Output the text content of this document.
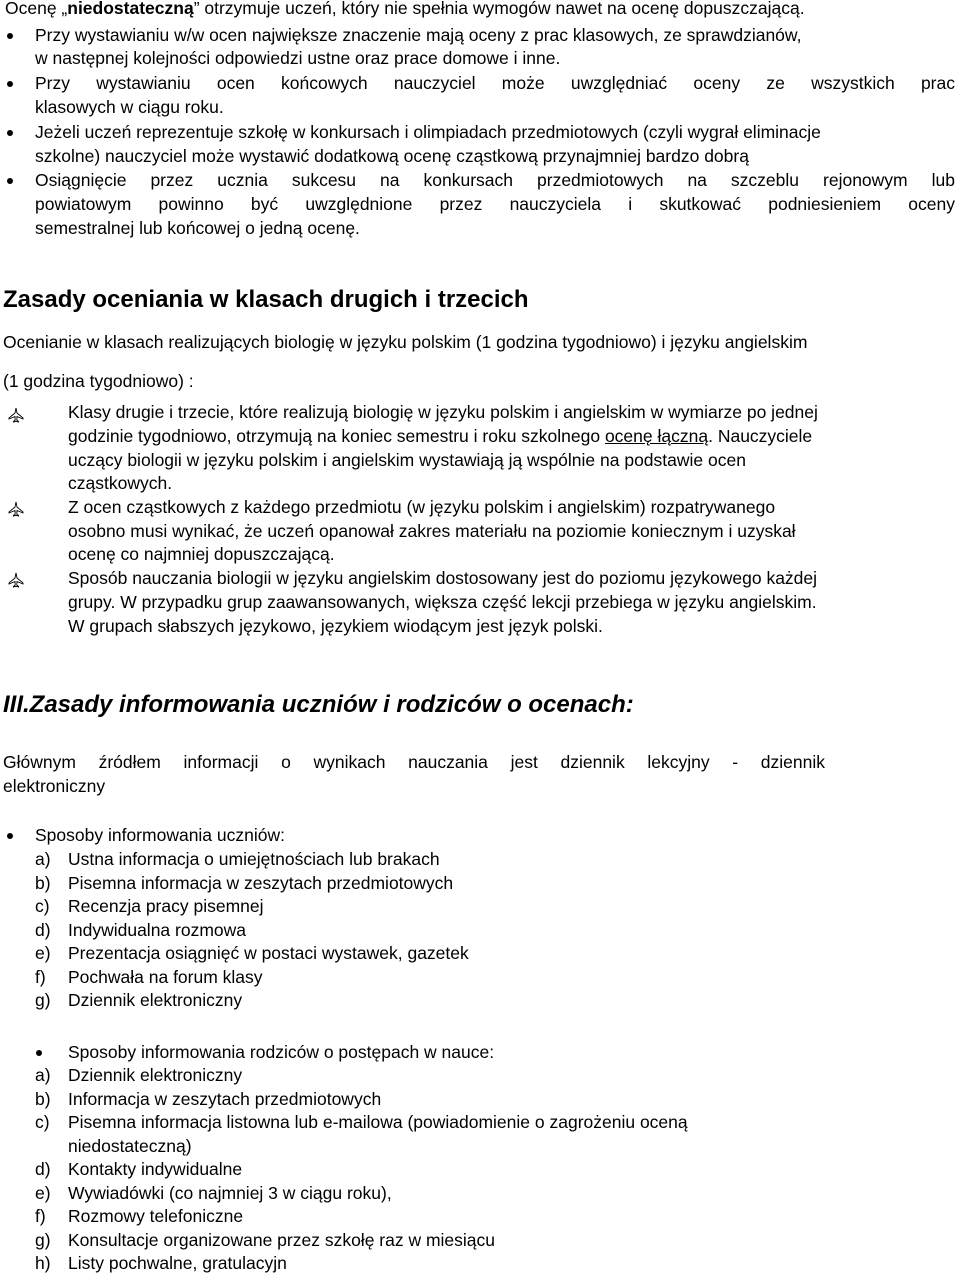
Ocenę „niedostateczną” otrzymuje uczeń, który nie spełnia wymogów nawet na ocenę dopuszczającą.
Przy wystawianiu w/w ocen największe znaczenie mają oceny z prac klasowych, ze sprawdzianów,
w następnej kolejności odpowiedzi ustne oraz prace domowe i inne.
Przy wystawianiu ocen końcowych nauczyciel może uwzględniać oceny ze wszystkich prac
klasowych w ciągu roku.
Jeżeli uczeń reprezentuje szkołę w konkursach i olimpiadach przedmiotowych (czyli wygrał eliminacje
szkolne) nauczyciel może wystawić dodatkową ocenę cząstkową przynajmniej bardzo dobrą
Osiągnięcie przez ucznia sukcesu na konkursach przedmiotowych na szczeblu rejonowym lub
powiatowym powinno być uwzględnione przez nauczyciela i skutkować podniesieniem oceny
semestralnej lub końcowej o jedną ocenę.
Zasady oceniania w klasach drugich i trzecich
Ocenianie w klasach realizujących biologię w języku polskim (1 godzina tygodniowo) i języku angielskim
(1 godzina tygodniowo) :
Klasy drugie i trzecie, które realizują biologię w języku polskim i angielskim w wymiarze po jednej
godzinie tygodniowo, otrzymują na koniec semestru i roku szkolnego ocenę łączną. Nauczyciele
uczący biologii w języku polskim i angielskim wystawiają ją wspólnie na podstawie ocen
cząstkowych.
Z ocen cząstkowych z każdego przedmiotu (w języku polskim i angielskim) rozpatrywanego
osobno musi wynikać, że uczeń opanował zakres materiału na poziomie koniecznym i uzyskał
ocenę co najmniej dopuszczającą.
Sposób nauczania biologii w języku angielskim dostosowany jest do poziomu językowego każdej
grupy. W przypadku grup zaawansowanych, większa część lekcji przebiega w języku angielskim.
W grupach słabszych językowo, językiem wiodącym jest język polski.
III.Zasady informowania uczniów i rodziców o ocenach:
Głównym źródłem informacji o wynikach nauczania jest dziennik lekcyjny - dziennik
elektroniczny
Sposoby informowania uczniów:
a) Ustna informacja o umiejętnościach lub brakach
b) Pisemna informacja w zeszytach przedmiotowych
c) Recenzja pracy pisemnej
d) Indywidualna rozmowa
e) Prezentacja osiągnięć w postaci wystawek, gazetek
f) Pochwała na forum klasy
g) Dziennik elektroniczny
Sposoby informowania rodziców o postępach w nauce:
a) Dziennik elektroniczny
b) Informacja w zeszytach przedmiotowych
c) Pisemna informacja listowna lub e-mailowa (powiadomienie o zagrożeniu oceną
niedostateczną)
d) Kontakty indywidualne
e) Wywiadówki (co najmniej 3 w ciągu roku),
f) Rozmowy telefoniczne
g) Konsultacje organizowane przez szkołę raz w miesiącu
h) Listy pochwalne, gratulacyjn
